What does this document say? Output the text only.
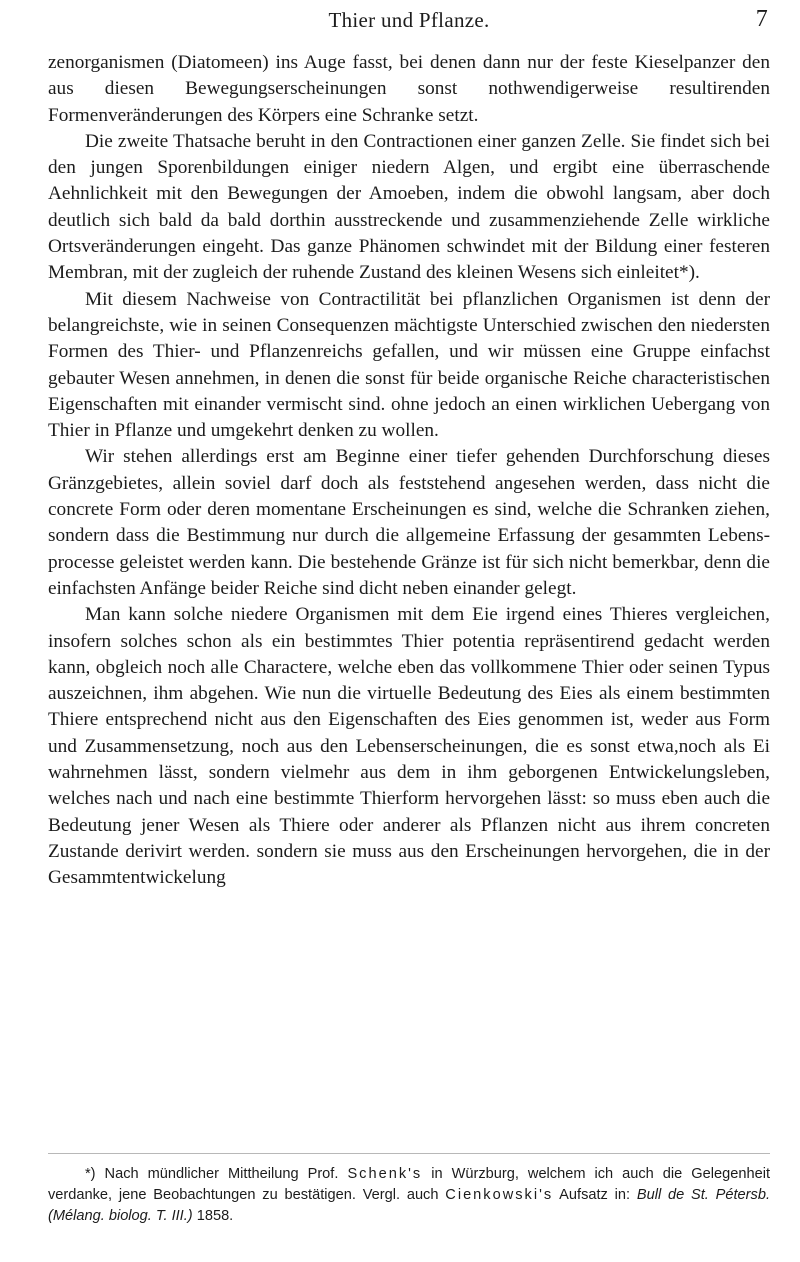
Thier und Pflanze.	7

zenorganismen (Diatomeen) ins Auge fasst, bei denen dann nur der feste Kieselpanzer den aus diesen Bewegungserscheinungen sonst nothwendigerweise resultirenden Formenveränderungen des Körpers eine Schranke setzt.

Die zweite Thatsache beruht in den Contractionen einer ganzen Zelle. Sie findet sich bei den jungen Sporenbildungen einiger niedern Algen, und ergibt eine überraschende Aehnlichkeit mit den Bewegungen der Amoeben, indem die obwohl langsam, aber doch deutlich sich bald da bald dorthin ausstreckende und zusammenziehende Zelle wirkliche Ortsveränderungen eingeht. Das ganze Phänomen schwindet mit der Bildung einer festeren Membran, mit der zugleich der ruhende Zustand des kleinen Wesens sich einleitet*).

Mit diesem Nachweise von Contractilität bei pflanzlichen Organismen ist denn der belangreichste, wie in seinen Consequenzen mächtigste Unterschied zwischen den niedersten Formen des Thier- und Pflanzenreichs gefallen, und wir müssen eine Gruppe einfachst gebauter Wesen annehmen, in denen die sonst für beide organische Reiche characteristischen Eigenschaften mit einander vermischt sind. ohne jedoch an einen wirklichen Uebergang von Thier in Pflanze und umgekehrt denken zu wollen.

Wir stehen allerdings erst am Beginne einer tiefer gehenden Durchforschung dieses Gränzgebietes, allein soviel darf doch als feststehend angesehen werden, dass nicht die concrete Form oder deren momentane Erscheinungen es sind, welche die Schranken ziehen, sondern dass die Bestimmung nur durch die allgemeine Erfassung der gesammten Lebensprocesse geleistet werden kann. Die bestehende Gränze ist für sich nicht bemerkbar, denn die einfachsten Anfänge beider Reiche sind dicht neben einander gelegt.

Man kann solche niedere Organismen mit dem Eie irgend eines Thieres vergleichen, insofern solches schon als ein bestimmtes Thier potentia repräsentirend gedacht werden kann, obgleich noch alle Charactere, welche eben das vollkommene Thier oder seinen Typus auszeichnen, ihm abgehen. Wie nun die virtuelle Bedeutung des Eies als einem bestimmten Thiere entsprechend nicht aus den Eigenschaften des Eies genommen ist, weder aus Form und Zusammensetzung, noch aus den Lebenserscheinungen, die es sonst etwa,noch als Ei wahrnehmen lässt, sondern vielmehr aus dem in ihm geborgenen Entwickelungsleben, welches nach und nach eine bestimmte Thierform hervorgehen lässt: so muss eben auch die Bedeutung jener Wesen als Thiere oder anderer als Pflanzen nicht aus ihrem concreten Zustande derivirt werden. sondern sie muss aus den Erscheinungen hervorgehen, die in der Gesammtentwickelung

*) Nach mündlicher Mittheilung Prof. Schenk's in Würzburg, welchem ich auch die Gelegenheit verdanke, jene Beobachtungen zu bestätigen. Vergl. auch Cienkowski's Aufsatz in: Bull de St. Pétersb. (Mélang. biolog. T. III.) 1858.
